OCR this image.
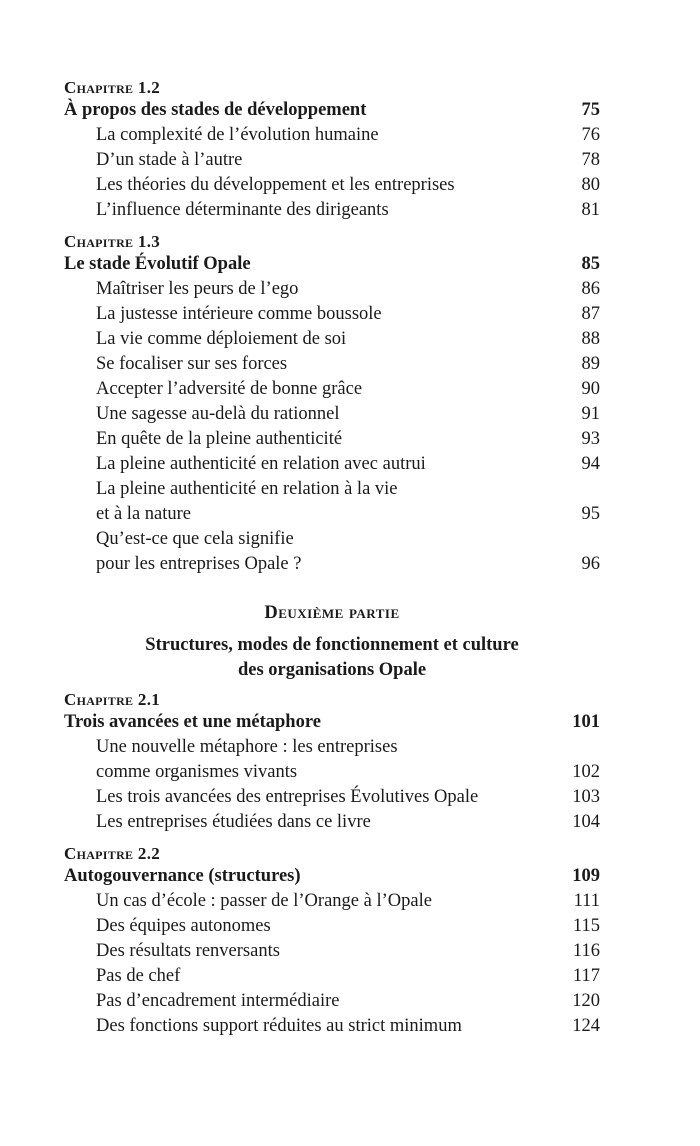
Chapitre 1.2
À propos des stades de développement	75
La complexité de l’évolution humaine	76
D’un stade à l’autre	78
Les théories du développement et les entreprises	80
L’influence déterminante des dirigeants	81
Chapitre 1.3
Le stade Évolutif Opale	85
Maîtriser les peurs de l’ego	86
La justesse intérieure comme boussole	87
La vie comme déploiement de soi	88
Se focaliser sur ses forces	89
Accepter l’adversité de bonne grâce	90
Une sagesse au-delà du rationnel	91
En quête de la pleine authenticité	93
La pleine authenticité en relation avec autrui	94
La pleine authenticité en relation à la vie
et à la nature	95
Qu’est-ce que cela signifie
pour les entreprises Opale ?	96
Deuxième partie
Structures, modes de fonctionnement et culture
des organisations Opale
Chapitre 2.1
Trois avancées et une métaphore	101
Une nouvelle métaphore : les entreprises
comme organismes vivants	102
Les trois avancées des entreprises Évolutives Opale	103
Les entreprises étudiées dans ce livre	104
Chapitre 2.2
Autogouvernance (structures)	109
Un cas d’école : passer de l’Orange à l’Opale	111
Des équipes autonomes	115
Des résultats renversants	116
Pas de chef	117
Pas d’encadrement intermédiaire	120
Des fonctions support réduites au strict minimum	124
